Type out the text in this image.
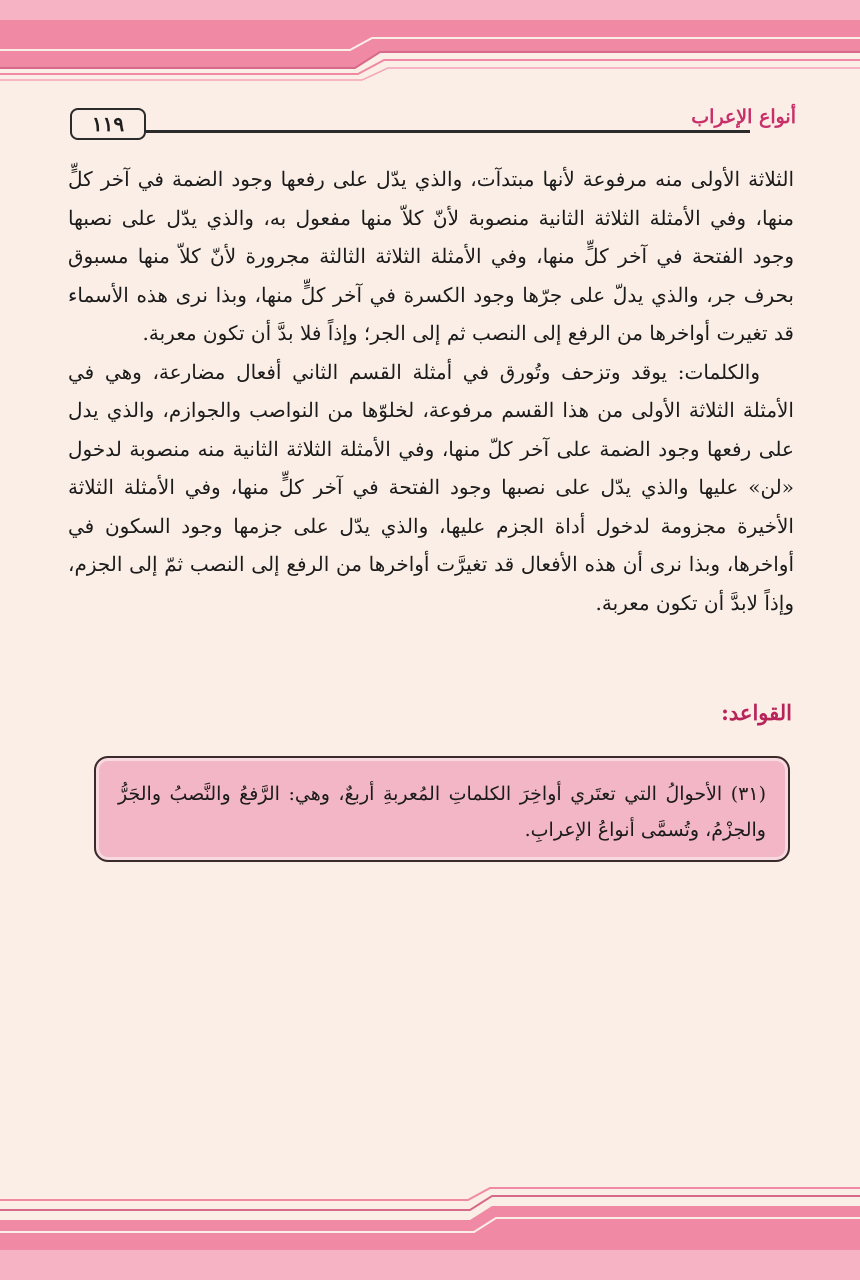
١١٩	أنواع الإعراب

الثلاثة الأولى منه مرفوعة لأنها مبتدآت، والذي يدّل على رفعها وجود الضمة في آخر كلٍّ منها، وفي الأمثلة الثلاثة الثانية منصوبة لأنّ كلاّ منها مفعول به، والذي يدّل على نصبها وجود الفتحة في آخر كلٍّ منها، وفي الأمثلة الثلاثة الثالثة مجرورة لأنّ كلاّ منها مسبوق بحرف جر، والذي يدلّ على جرّها وجود الكسرة في آخر كلٍّ منها، وبذا نرى هذه الأسماء قد تغيرت أواخرها من الرفع إلى النصب ثم إلى الجر؛ وإذاً فلا بدَّ أن تكون معربة.

والكلمات: يوقد وتزحف وتُورق في أمثلة القسم الثاني أفعال مضارعة، وهي في الأمثلة الثلاثة الأولى من هذا القسم مرفوعة، لخلوّها من النواصب والجوازم، والذي يدل على رفعها وجود الضمة على آخر كلّ منها، وفي الأمثلة الثلاثة الثانية منه منصوبة لدخول «لن» عليها والذي يدّل على نصبها وجود الفتحة في آخر كلٍّ منها، وفي الأمثلة الثلاثة الأخيرة مجزومة لدخول أداة الجزم عليها، والذي يدّل على جزمها وجود السكون في أواخرها، وبذا نرى أن هذه الأفعال قد تغيرَّت أواخرها من الرفع إلى النصب ثمّ إلى الجزم، وإذاً لابدَّ أن تكون معربة.

القواعد:
(٣١) الأحوالُ التي تعتَري أواخِرَ الكلماتِ المُعربةِ أربعٌ، وهي: الرَّفعُ والنَّصبُ والجَرُّ والجزْمُ، وتُسمَّى أنواعُ الإعرابِ.
